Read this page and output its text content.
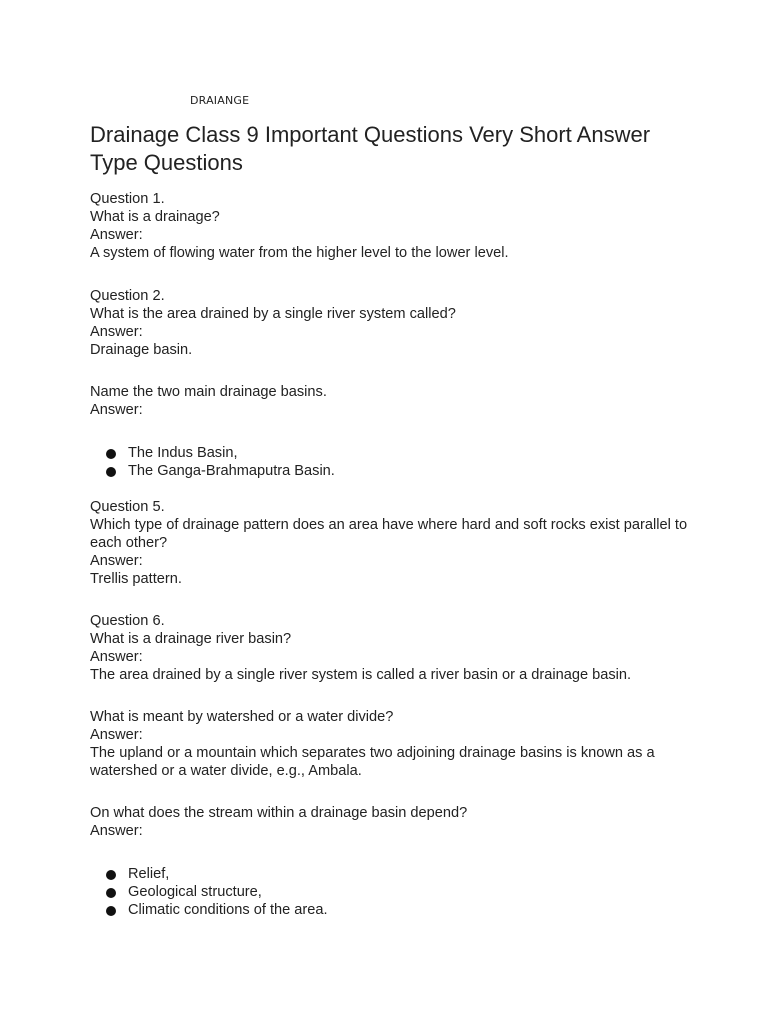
DRAIANGE
Drainage Class 9 Important Questions Very Short Answer Type Questions

Question 1.

What is a drainage?

Answer:

A system of flowing water from the higher level to the lower level.

Question 2.

What is the area drained by a single river system called?

Answer:

Drainage basin.

Name the two main drainage basins.

Answer:

The Indus Basin,
The Ganga-Brahmaputra Basin.

Question 5.

Which type of drainage pattern does an area have where hard and soft rocks exist parallel to each other?

Answer:

Trellis pattern.

Question 6.

What is a drainage river basin?

Answer:

The area drained by a single river system is called a river basin or a drainage basin.

What is meant by watershed or a water divide?

Answer:

The upland or a mountain which separates two adjoining drainage basins is known as a watershed or a water divide, e.g., Ambala.

On what does the stream within a drainage basin depend?

Answer:

Relief,
Geological structure,
Climatic conditions of the area.
